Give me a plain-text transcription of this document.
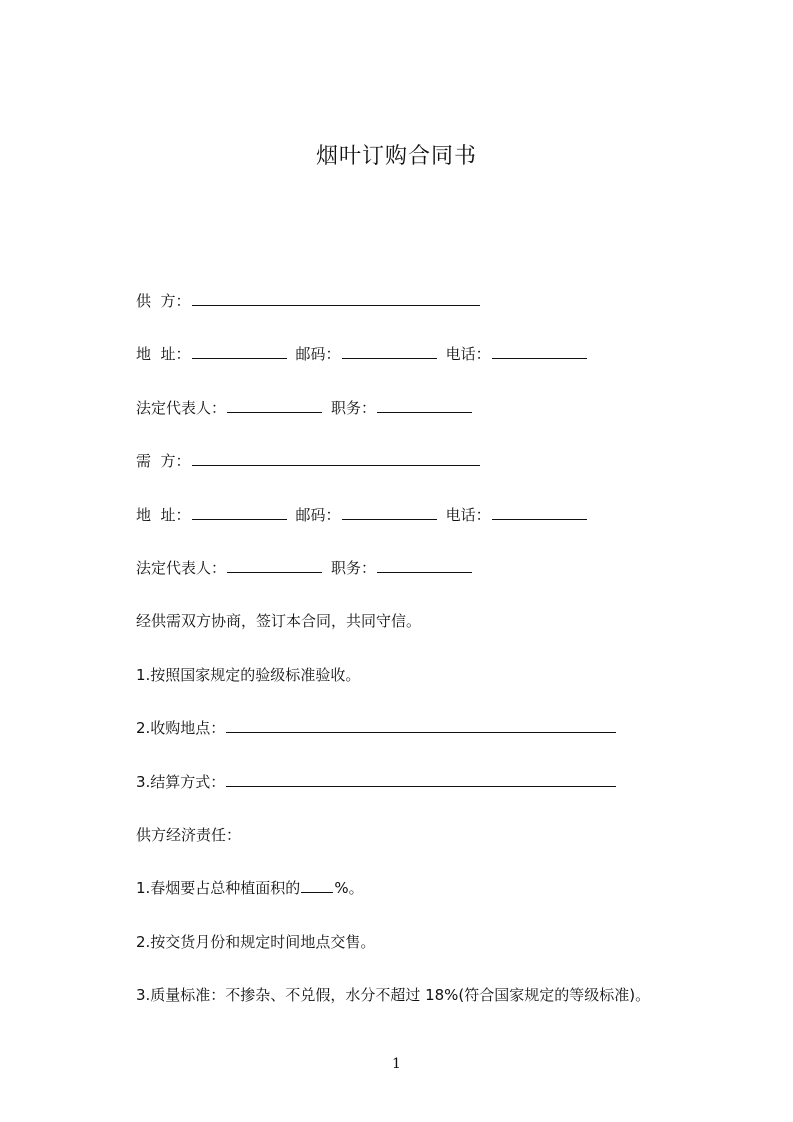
烟叶订购合同书
供  方：
地  址：	邮码：	电话：
法定代表人：	职务：
需  方：
地  址：	邮码：	电话：
法定代表人：	职务：
经供需双方协商，签订本合同，共同守信。
1.按照国家规定的验级标准验收。
2.收购地点：
3.结算方式：
供方经济责任：
1.春烟要占总种植面积的 %。
2.按交货月份和规定时间地点交售。
3.质量标准：不掺杂、不兑假，水分不超过 18%(符合国家规定的等级标准)。
1
